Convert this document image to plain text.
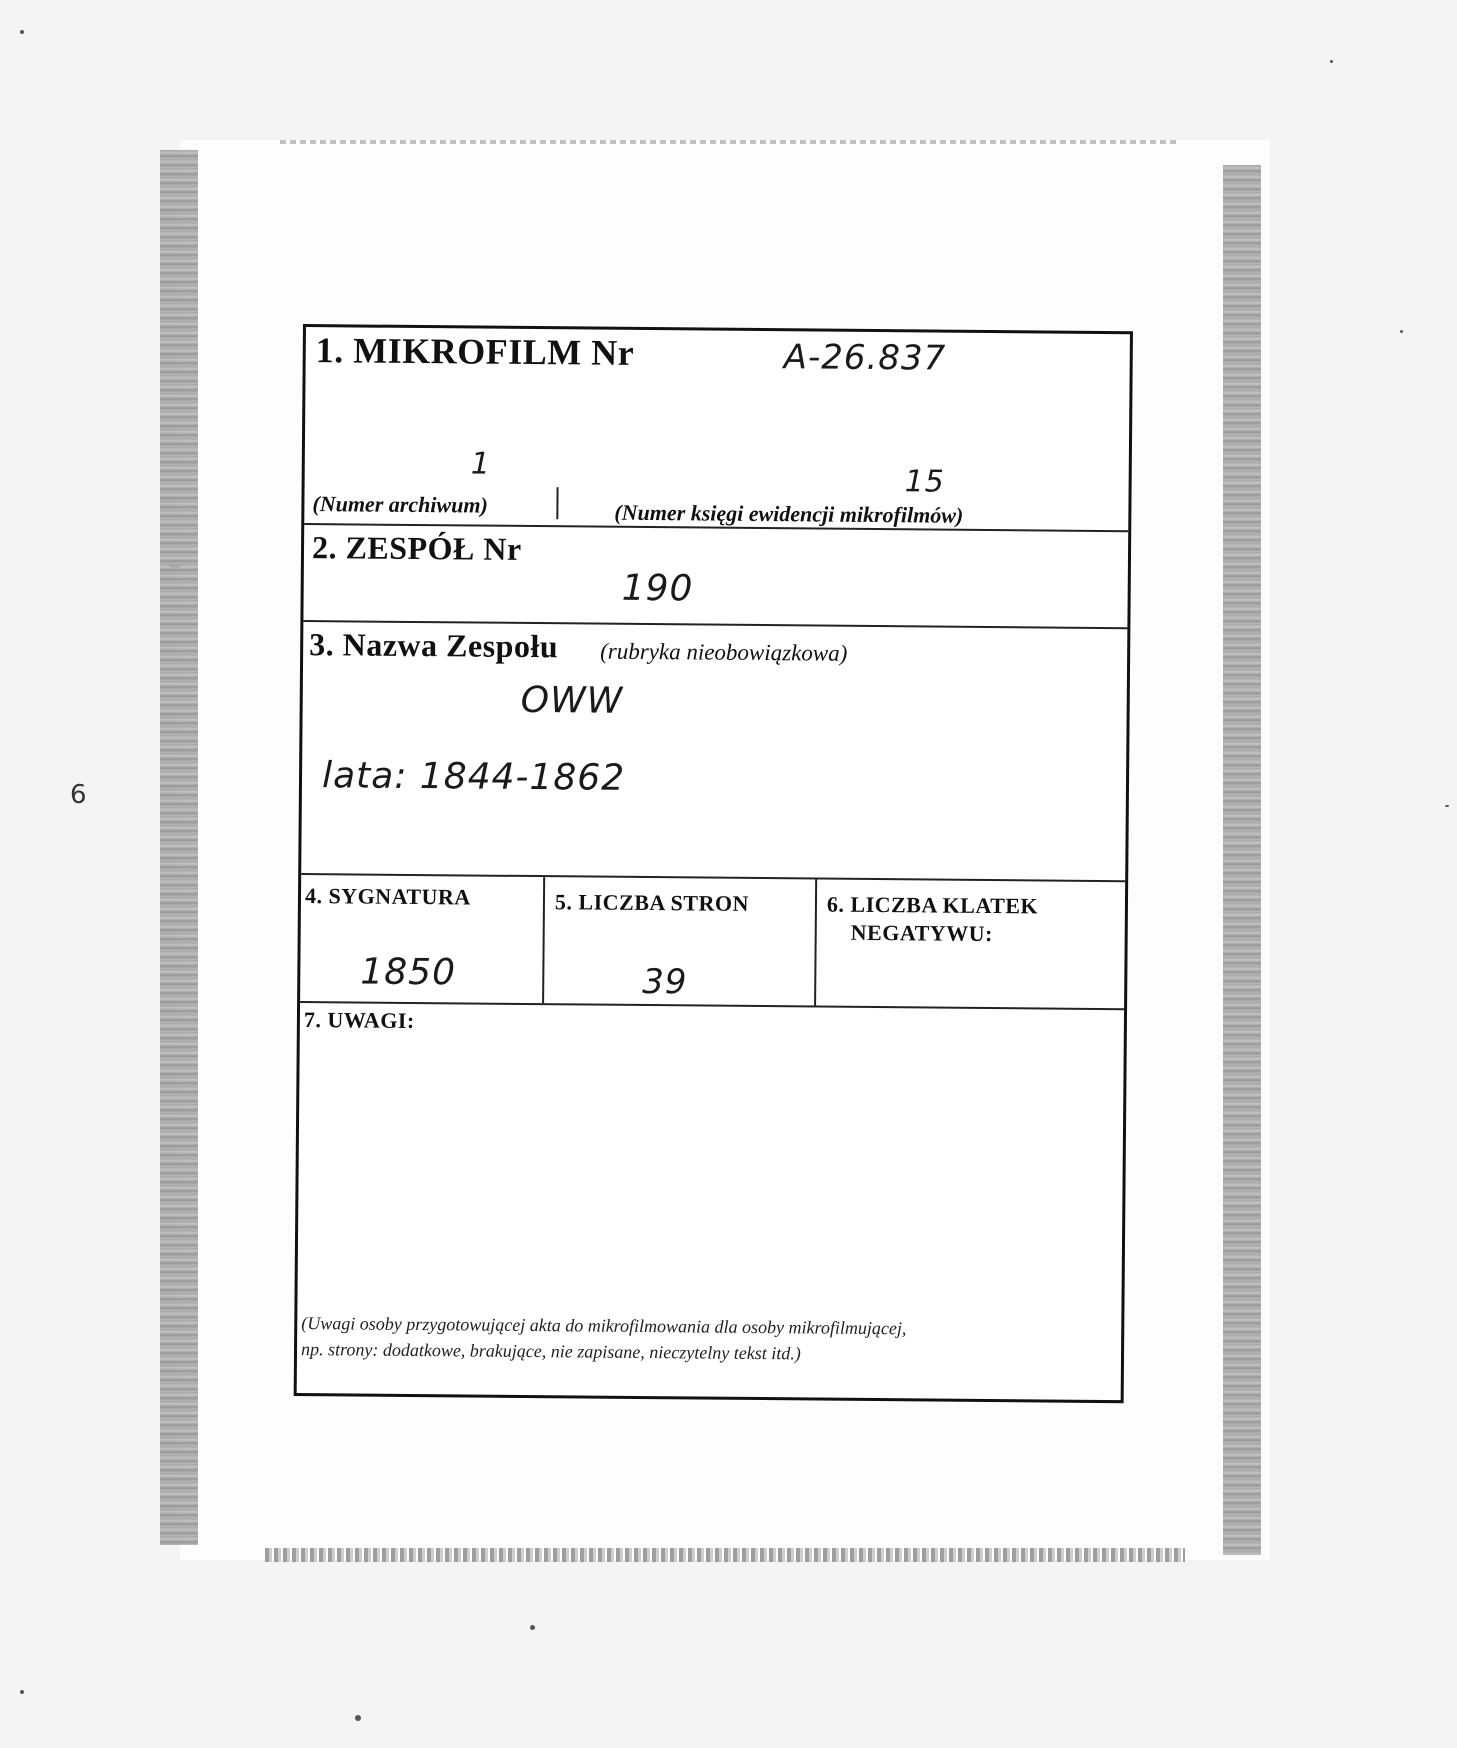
6
1. MIKROFILM Nr	A-26.837
1
15
(Numer archiwum)	(Numer księgi ewidencji mikrofilmów)
2. ZESPÓŁ Nr
190
3. Nazwa Zespołu (rubryka nieobowiązkowa)
OWW
lata: 1844-1862
4. SYGNATURA
1850
5. LICZBA STRON
39
6. LICZBA KLATEK
NEGATYWU:
7. UWAGI:
(Uwagi osoby przygotowującej akta do mikrofilmowania dla osoby mikrofilmującej,
np. strony: dodatkowe, brakujące, nie zapisane, nieczytelny tekst itd.)
